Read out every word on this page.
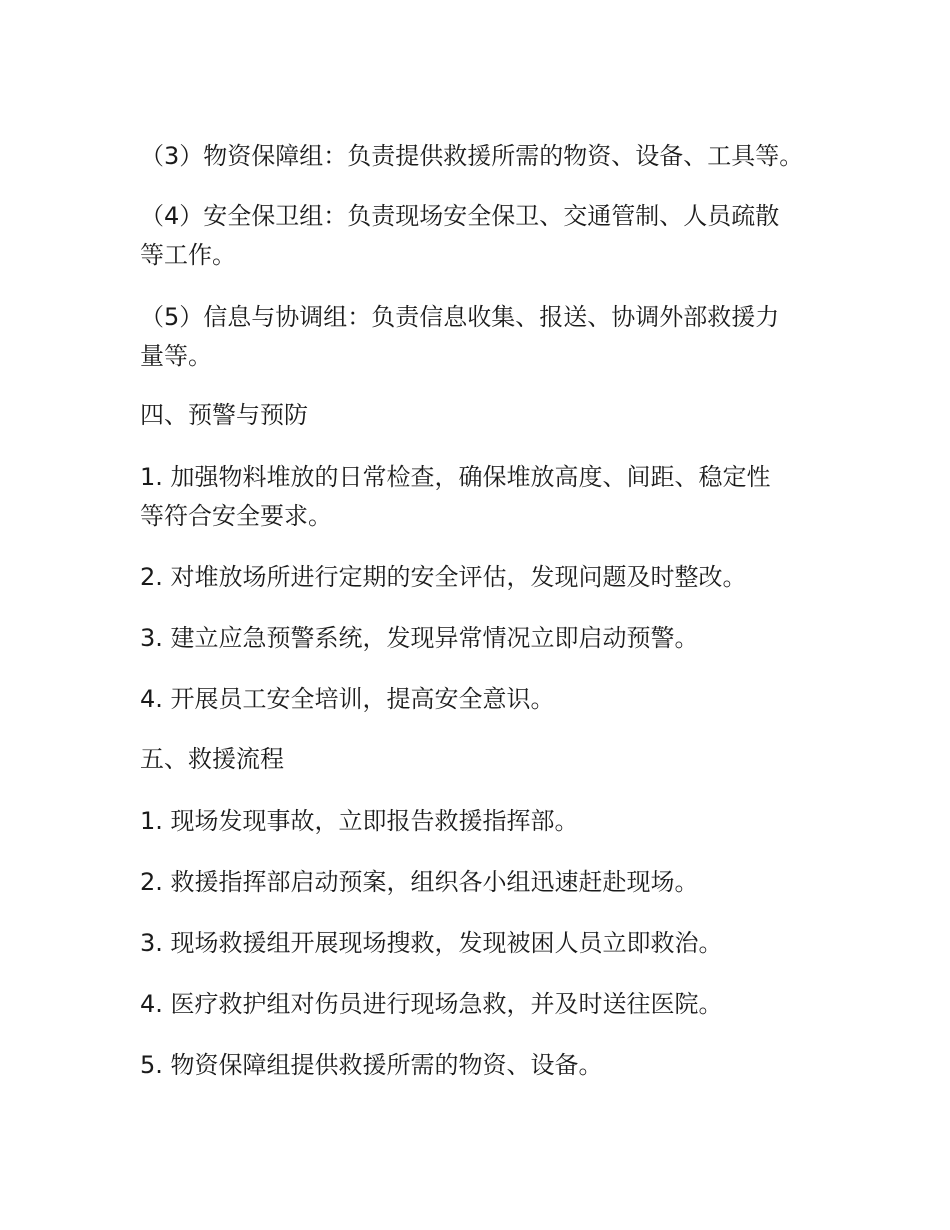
（3）物资保障组：负责提供救援所需的物资、设备、工具等。
（4）安全保卫组：负责现场安全保卫、交通管制、人员疏散
等工作。
（5）信息与协调组：负责信息收集、报送、协调外部救援力
量等。
四、预警与预防
1. 加强物料堆放的日常检查，确保堆放高度、间距、稳定性
等符合安全要求。
2. 对堆放场所进行定期的安全评估，发现问题及时整改。
3. 建立应急预警系统，发现异常情况立即启动预警。
4. 开展员工安全培训，提高安全意识。
五、救援流程
1. 现场发现事故，立即报告救援指挥部。
2. 救援指挥部启动预案，组织各小组迅速赶赴现场。
3. 现场救援组开展现场搜救，发现被困人员立即救治。
4. 医疗救护组对伤员进行现场急救，并及时送往医院。
5. 物资保障组提供救援所需的物资、设备。
